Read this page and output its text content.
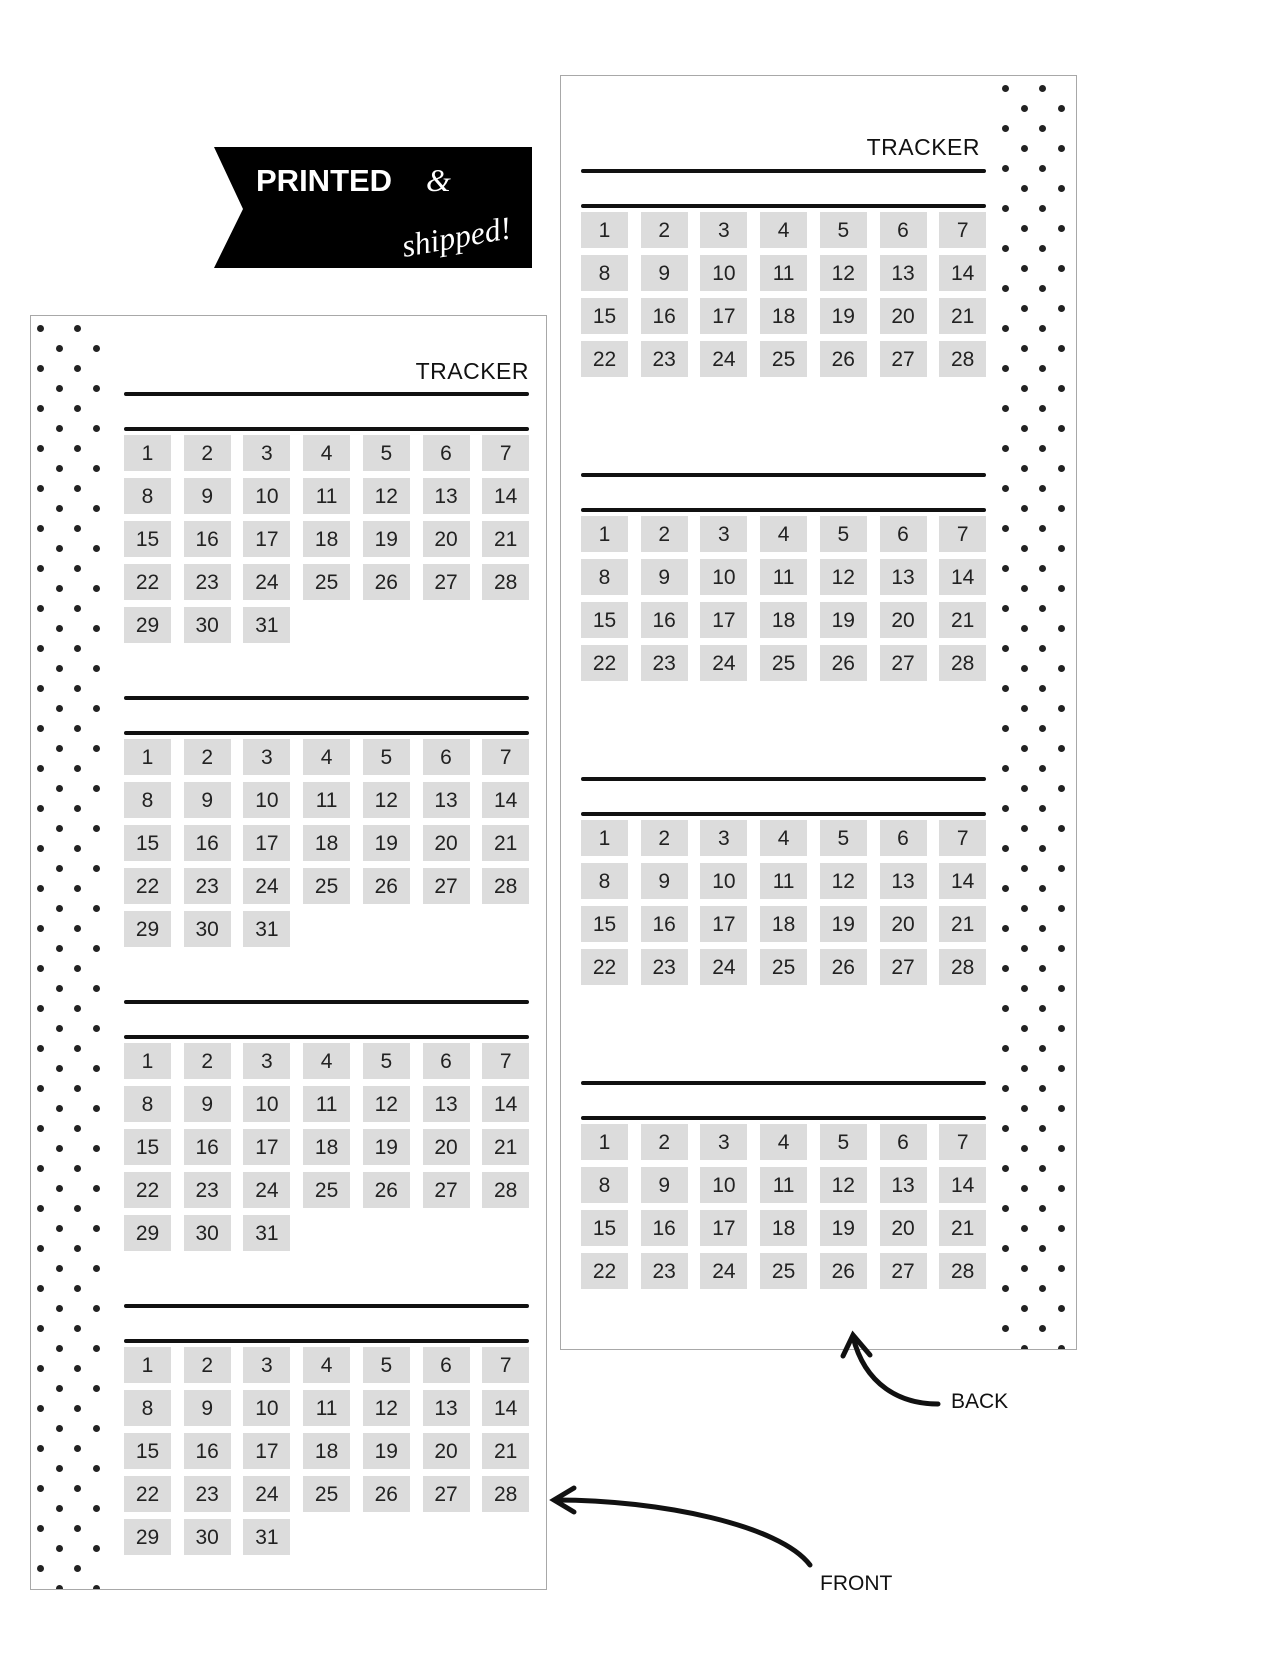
PRINTED &
shipped!
TRACKER
1	2	3	4	5	6	7
8	9	10	11	12	13	14
15	16	17	18	19	20	21
22	23	24	25	26	27	28
1	2	3	4	5	6	7
8	9	10	11	12	13	14
15	16	17	18	19	20	21
22	23	24	25	26	27	28
1	2	3	4	5	6	7
8	9	10	11	12	13	14
15	16	17	18	19	20	21
22	23	24	25	26	27	28
1	2	3	4	5	6	7
8	9	10	11	12	13	14
15	16	17	18	19	20	21
22	23	24	25	26	27	28
TRACKER
1	2	3	4	5	6	7
8	9	10	11	12	13	14
15	16	17	18	19	20	21
22	23	24	25	26	27	28
29	30	31
1	2	3	4	5	6	7
8	9	10	11	12	13	14
15	16	17	18	19	20	21
22	23	24	25	26	27	28
29	30	31
1	2	3	4	5	6	7
8	9	10	11	12	13	14
15	16	17	18	19	20	21
22	23	24	25	26	27	28
29	30	31
1	2	3	4	5	6	7
8	9	10	11	12	13	14
15	16	17	18	19	20	21
22	23	24	25	26	27	28
29	30	31
BACK
FRONT
